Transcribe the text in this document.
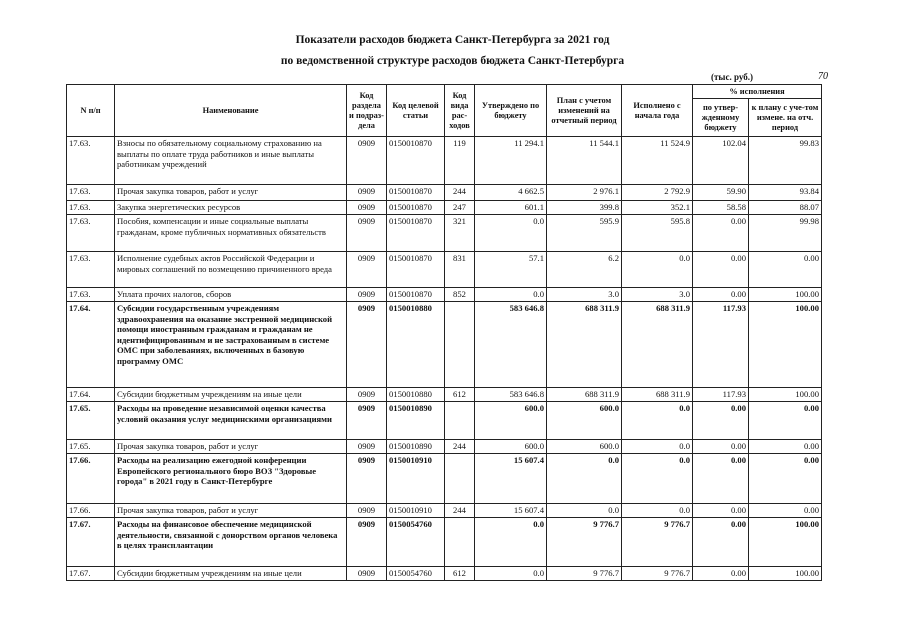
Показатели расходов бюджета Санкт-Петербурга за 2021 год
по ведомственной структуре расходов бюджета Санкт-Петербурга
(тыс. руб.)	70
N п/п	Наименование	Код раздела и подраз-дела	Код целевой статьи	Код вида рас-ходов	Утверждено по бюджету	План с учетом изменений на отчетный период	Исполнено с начала года	% исполнения	
								по утвер-жденному бюджету	к плану с уче-том измене. на отч. период
17.63.	Взносы по обязательному социальному страхованию на выплаты по оплате труда работников и иные выплаты работникам учреждений	0909	0150010870	119	11 294.1	11 544.1	11 524.9	102.04	99.83
17.63.	Прочая закупка товаров, работ и услуг	0909	0150010870	244	4 662.5	2 976.1	2 792.9	59.90	93.84
17.63.	Закупка энергетических ресурсов	0909	0150010870	247	601.1	399.8	352.1	58.58	88.07
17.63.	Пособия, компенсации и иные социальные выплаты гражданам, кроме публичных нормативных обязательств	0909	0150010870	321	0.0	595.9	595.8	0.00	99.98
17.63.	Исполнение судебных актов Российской Федерации и мировых соглашений по возмещению причиненного вреда	0909	0150010870	831	57.1	6.2	0.0	0.00	0.00
17.63.	Уплата прочих налогов, сборов	0909	0150010870	852	0.0	3.0	3.0	0.00	100.00
17.64.	Субсидии государственным учреждениям здравоохранения на оказание экстренной медицинской помощи иностранным гражданам и гражданам не идентифицированным и не застрахованным в системе ОМС при заболеваниях, включенных в базовую программу ОМС	0909	0150010880		583 646.8	688 311.9	688 311.9	117.93	100.00
17.64.	Субсидии бюджетным учреждениям на иные цели	0909	0150010880	612	583 646.8	688 311.9	688 311.9	117.93	100.00
17.65.	Расходы на проведение независимой оценки качества условий оказания услуг медицинскими организациями	0909	0150010890		600.0	600.0	0.0	0.00	0.00
17.65.	Прочая закупка товаров, работ и услуг	0909	0150010890	244	600.0	600.0	0.0	0.00	0.00
17.66.	Расходы на реализацию ежегодной конференции Европейского регионального бюро ВОЗ "Здоровые города" в 2021 году в Санкт-Петербурге	0909	0150010910		15 607.4	0.0	0.0	0.00	0.00
17.66.	Прочая закупка товаров, работ и услуг	0909	0150010910	244	15 607.4	0.0	0.0	0.00	0.00
17.67.	Расходы на финансовое обеспечение медицинской деятельности, связанной с донорством органов человека в целях трансплантации	0909	0150054760		0.0	9 776.7	9 776.7	0.00	100.00
17.67.	Субсидии бюджетным учреждениям на иные цели	0909	0150054760	612	0.0	9 776.7	9 776.7	0.00	100.00
